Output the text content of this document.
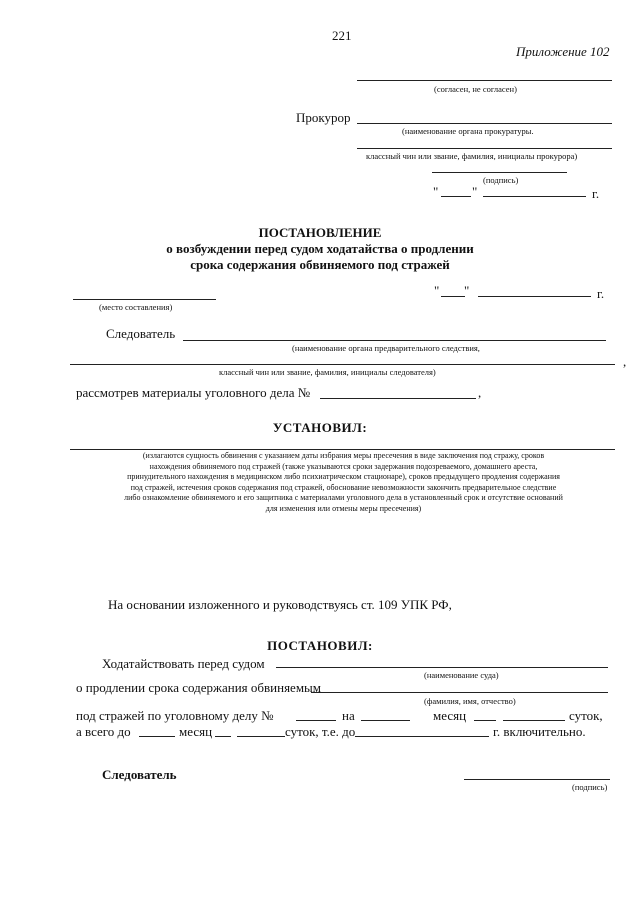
221
Приложение 102
(согласен, не согласен)
Прокурор
(наименование органа прокуратуры.
классный чин или звание, фамилия, инициалы прокурора)
(подпись)
"	"	г.
ПОСТАНОВЛЕНИЕ
о возбуждении перед судом ходатайства о продлении
срока содержания обвиняемого под стражей
(место составления)
" "	г.
Следователь
(наименование органа предварительного следствия,
,
классный чин или звание, фамилия, инициалы следователя)
рассмотрев материалы уголовного дела №	,
УСТАНОВИЛ:
(излагаются сущность обвинения с указанием даты избрания меры пресечения в виде заключения под стражу, сроков
нахождения обвиняемого под стражей (также указываются сроки задержания подозреваемого, домашнего ареста,
принудительного нахождения в медицинском либо психиатрическом стационаре), сроков предыдущего продления содержания
под стражей, истечения сроков содержания под стражей, обоснование невозможности закончить предварительное следствие
либо ознакомление обвиняемого и его защитника с материалами уголовного дела в установленный срок и отсутствие оснований
для изменения или отмены меры пресечения)
На основании изложенного и руководствуясь ст. 109 УПК РФ,
ПОСТАНОВИЛ:
Ходатайствовать перед судом
(наименование суда)
о продлении срока содержания обвиняемым
(фамилия, имя, отчество)
под стражей по уголовному делу №	на	месяц	суток,
а всего до	месяц	суток, т.е. до	г. включительно.
Следователь
(подпись)
